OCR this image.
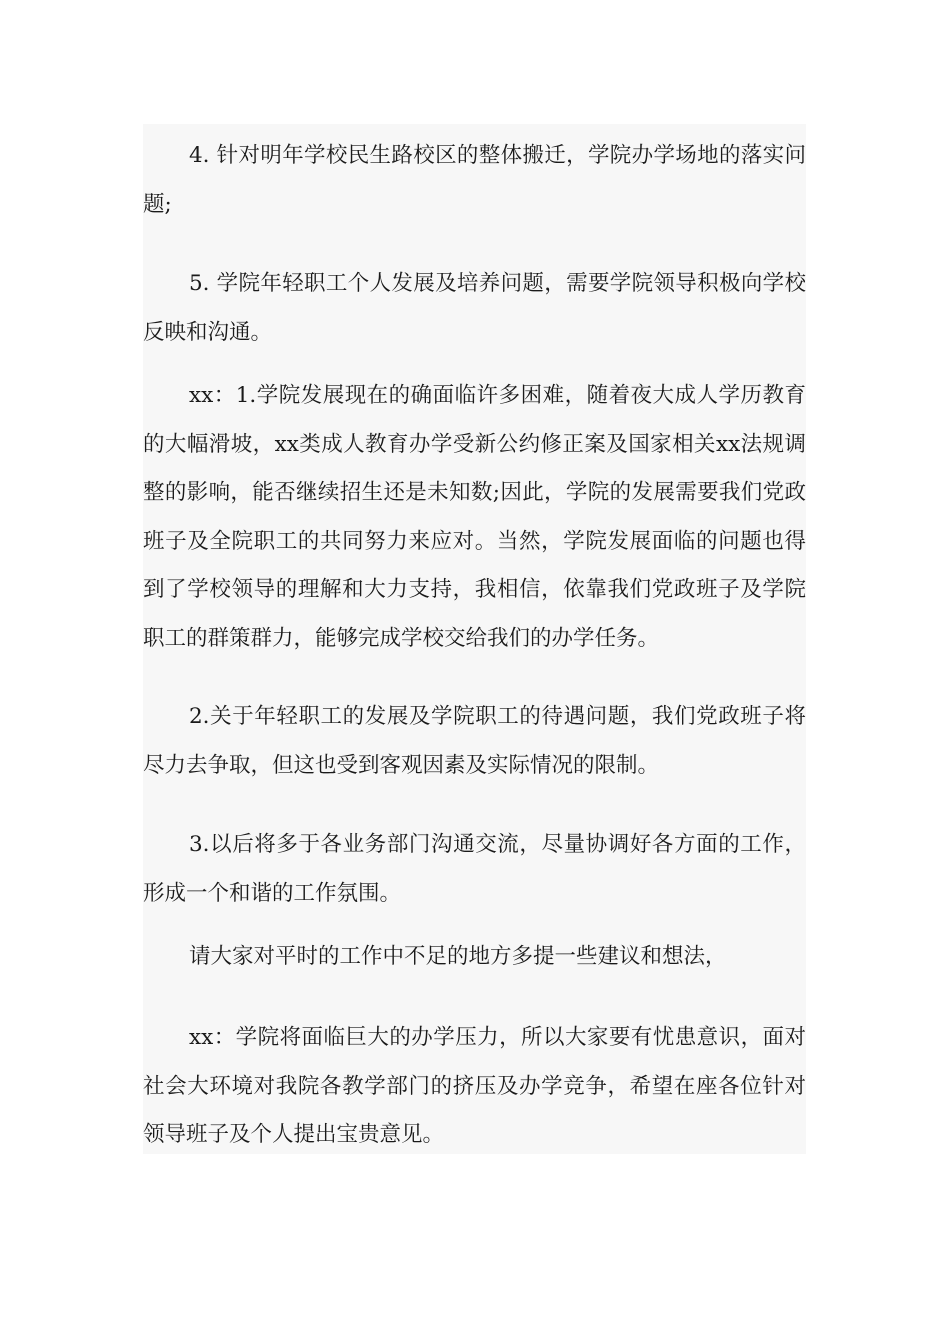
4. 针对明年学校民生路校区的整体搬迁，学院办学场地的落实问题;

5. 学院年轻职工个人发展及培养问题，需要学院领导积极向学校反映和沟通。

xx：1.学院发展现在的确面临许多困难，随着夜大成人学历教育的大幅滑坡，xx类成人教育办学受新公约修正案及国家相关xx法规调整的影响，能否继续招生还是未知数;因此，学院的发展需要我们党政班子及全院职工的共同努力来应对。当然，学院发展面临的问题也得到了学校领导的理解和大力支持，我相信，依靠我们党政班子及学院职工的群策群力，能够完成学校交给我们的办学任务。

2.关于年轻职工的发展及学院职工的待遇问题，我们党政班子将尽力去争取，但这也受到客观因素及实际情况的限制。

3.以后将多于各业务部门沟通交流，尽量协调好各方面的工作，形成一个和谐的工作氛围。

请大家对平时的工作中不足的地方多提一些建议和想法，

xx：学院将面临巨大的办学压力，所以大家要有忧患意识，面对社会大环境对我院各教学部门的挤压及办学竞争，希望在座各位针对领导班子及个人提出宝贵意见。
